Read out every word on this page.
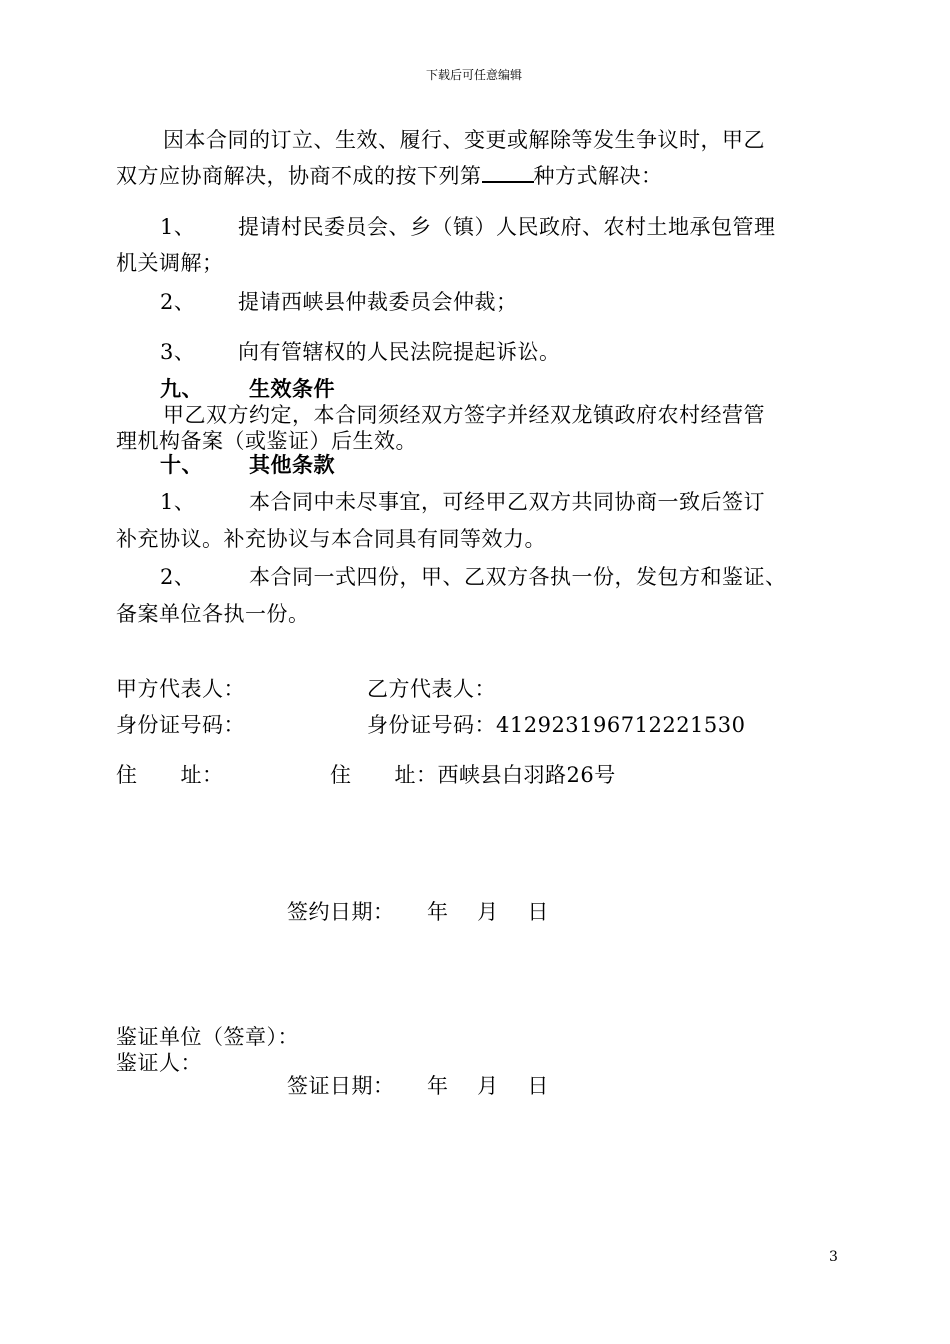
下载后可任意编辑
因本合同的订立、生效、履行、变更或解除等发生争议时，甲乙
双方应协商解决，协商不成的按下列第 种方式解决：
1、 提请村民委员会、乡（镇）人民政府、农村土地承包管理
机关调解；
2、 提请西峡县仲裁委员会仲裁；
3、 向有管辖权的人民法院提起诉讼。
九、 生效条件
甲乙双方约定，本合同须经双方签字并经双龙镇政府农村经营管
理机构备案（或鉴证）后生效。
十、 其他条款
1、	本合同中未尽事宜，可经甲乙双方共同协商一致后签订
补充协议。补充协议与本合同具有同等效力。
2、	本合同一式四份，甲、乙双方各执一份，发包方和鉴证、
备案单位各执一份。
甲方代表人：	乙方代表人：
身份证号码：	身份证号码：412923196712221530
住　　址：	住　　址：西峡县白羽路26号
签约日期：　　年　 月　 日
鉴证单位（签章）：
鉴证人：
签证日期：　　年　 月　 日
3
